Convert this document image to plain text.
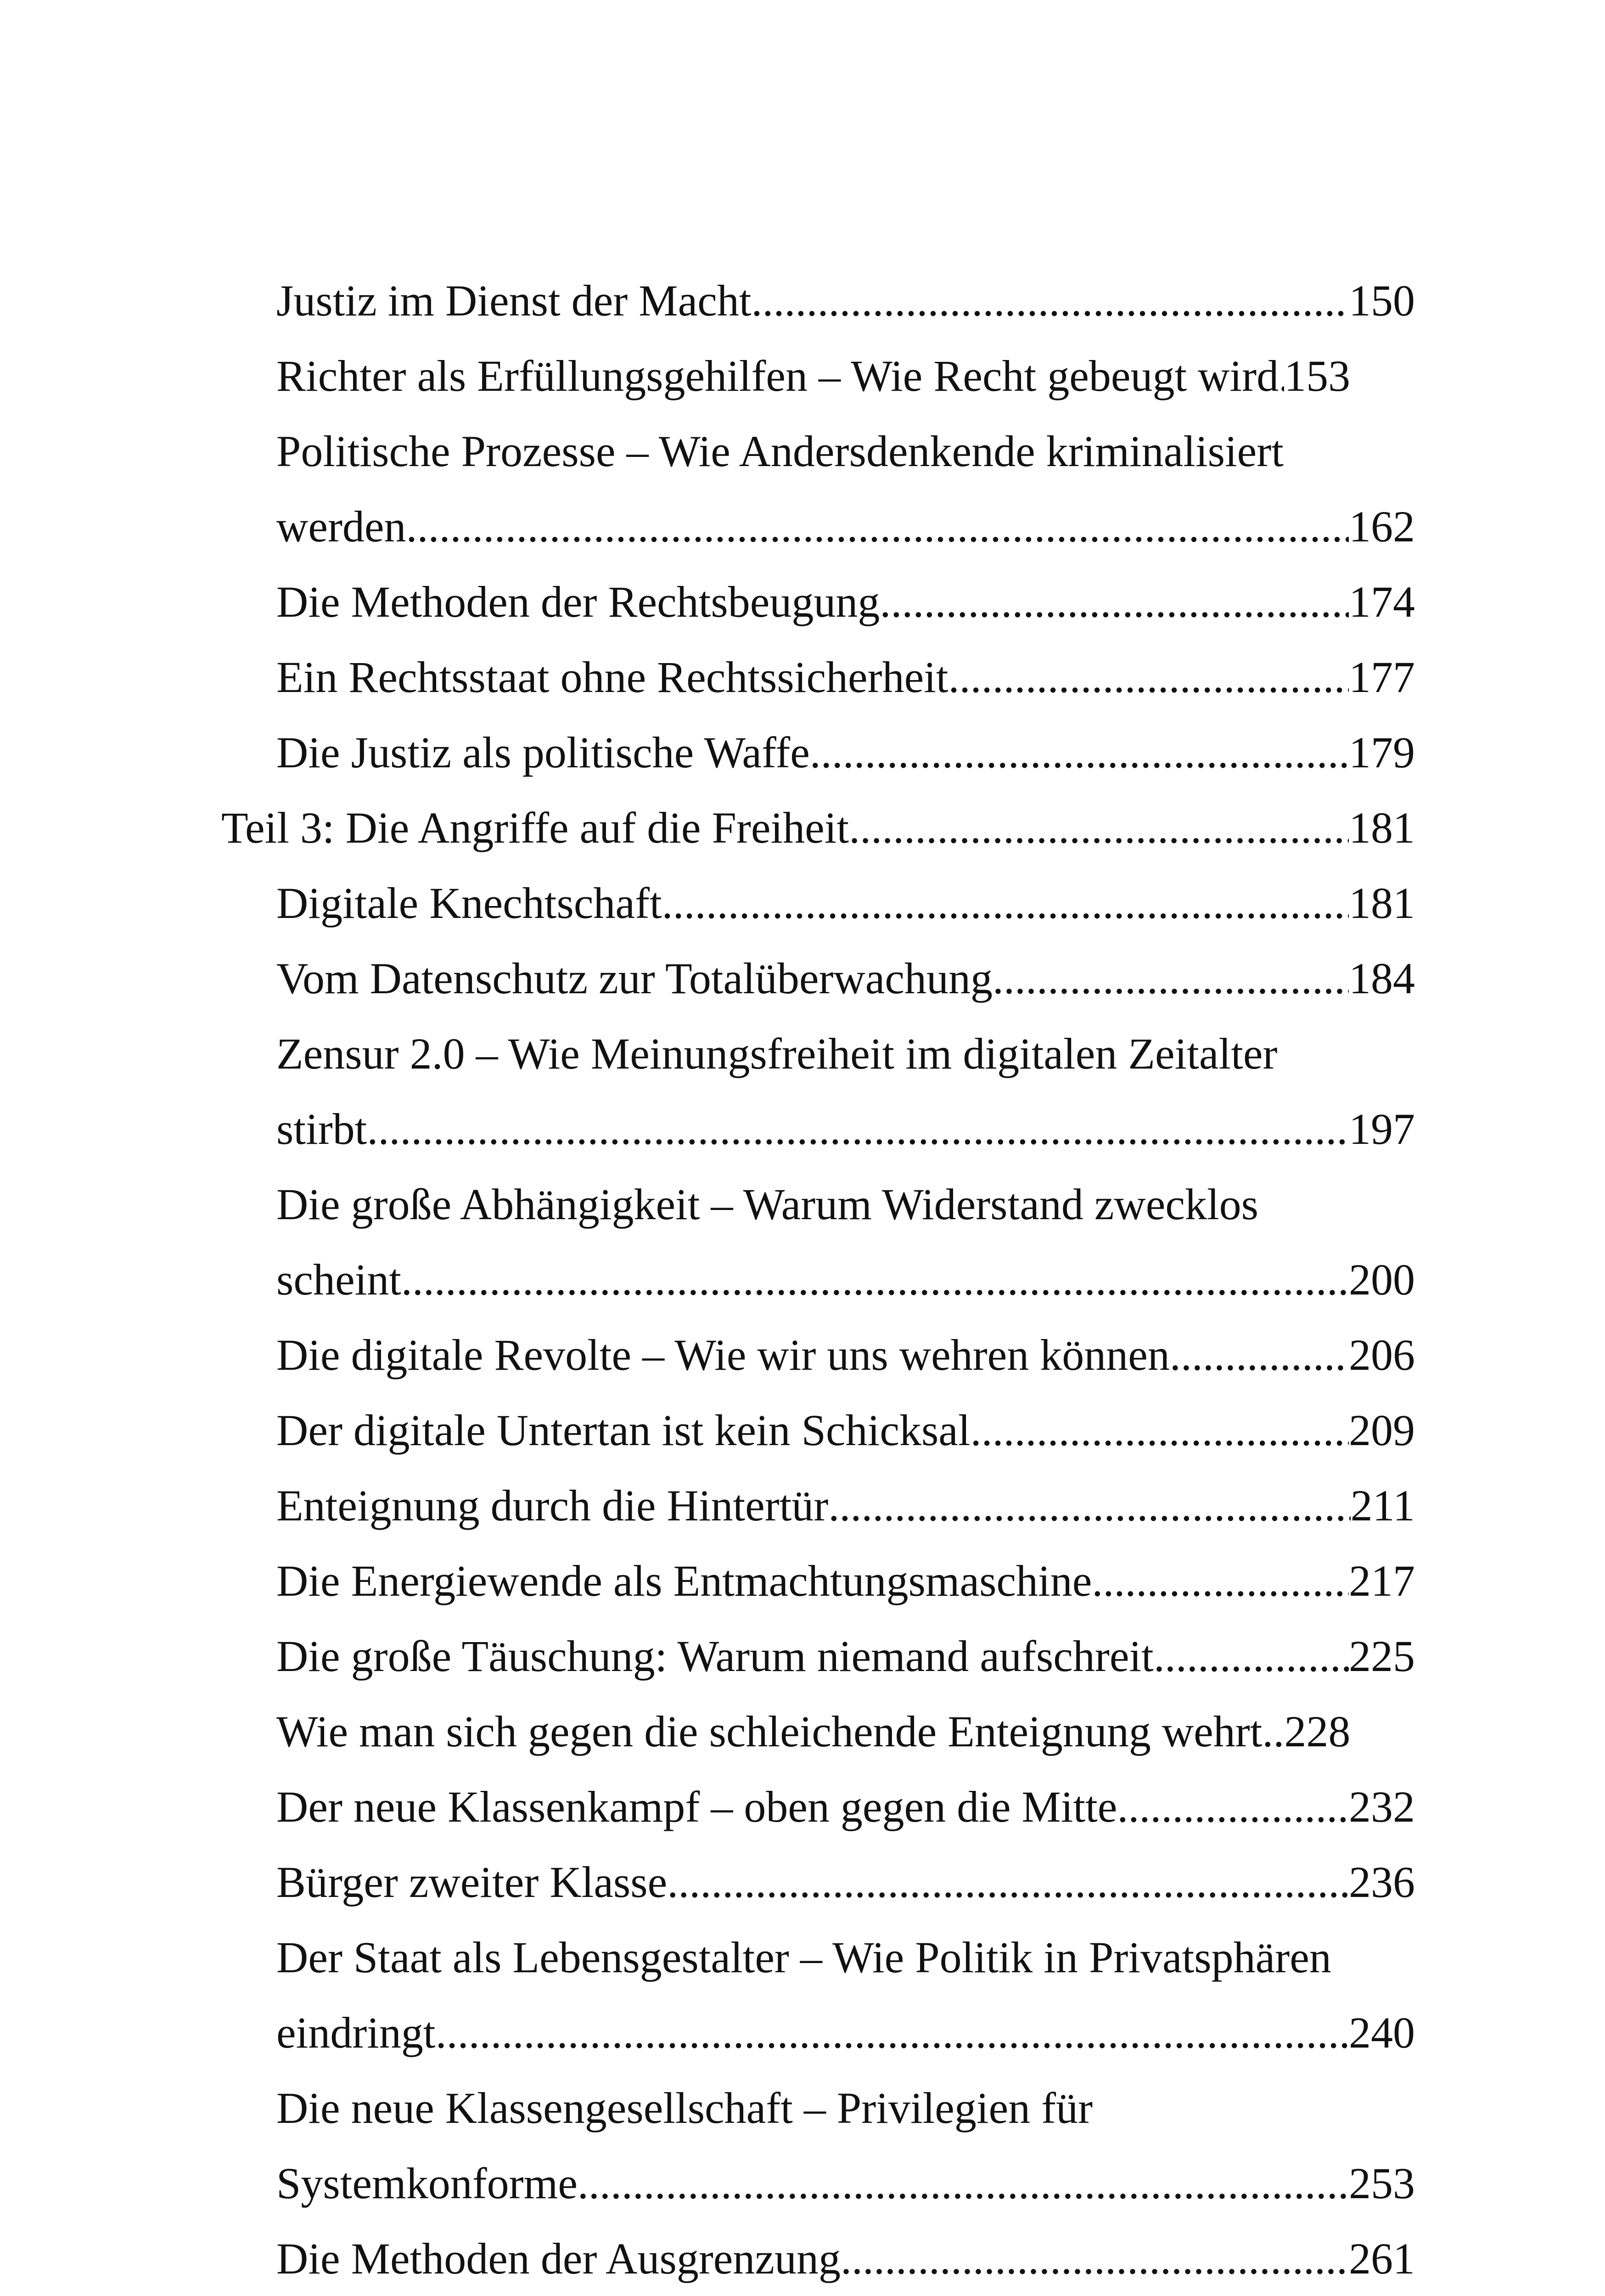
Justiz im Dienst der Macht .....	150
Richter als Erfüllungsgehilfen – Wie Recht gebeugt wird ..... 153
Politische Prozesse – Wie Andersdenkende kriminalisiert
werden .....	162
Die Methoden der Rechtsbeugung .....	174
Ein Rechtsstaat ohne Rechtssicherheit .....	177
Die Justiz als politische Waffe .....	179
Teil 3: Die Angriffe auf die Freiheit .....	181
Digitale Knechtschaft .....	181
Vom Datenschutz zur Totalüberwachung .....	184
Zensur 2.0 – Wie Meinungsfreiheit im digitalen Zeitalter
stirbt .....	197
Die große Abhängigkeit – Warum Widerstand zwecklos
scheint .....	200
Die digitale Revolte – Wie wir uns wehren können .....	206
Der digitale Untertan ist kein Schicksal .....	209
Enteignung durch die Hintertür .....	211
Die Energiewende als Entmachtungsmaschine .....	217
Die große Täuschung: Warum niemand aufschreit .....	225
Wie man sich gegen die schleichende Enteignung wehrt. ..... 228
Der neue Klassenkampf – oben gegen die Mitte .....	232
Bürger zweiter Klasse .....	236
Der Staat als Lebensgestalter – Wie Politik in Privatsphären
eindringt .....	240
Die neue Klassengesellschaft – Privilegien für
Systemkonforme .....	253
Die Methoden der Ausgrenzung .....	261
